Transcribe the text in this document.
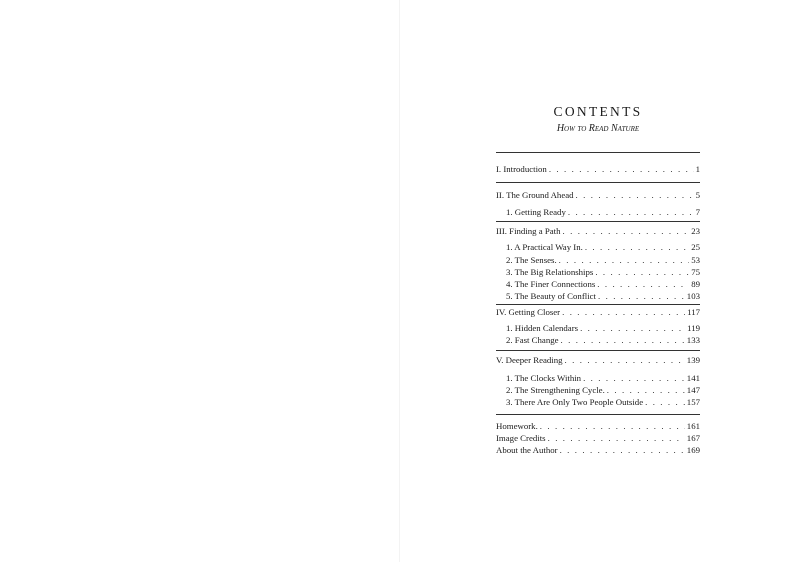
CONTENTS
How to Read Nature
I. Introduction . . .	1
II. The Ground Ahead . . .	5
1. Getting Ready . . .	7
III. Finding a Path . . .	23
1. A Practical Way In. . . .	25
2. The Senses. . . .	53
3. The Big Relationships . . .	75
4. The Finer Connections . . .	89
5. The Beauty of Conflict . . .	103
IV. Getting Closer . . .	117
1. Hidden Calendars . . .	119
2. Fast Change . . .	133
V. Deeper Reading . . .	139
1. The Clocks Within . . .	141
2. The Strengthening Cycle. . . .	147
3. There Are Only Two People Outside . . .	157
Homework. . . .	161
Image Credits . . .	167
About the Author . . .	169
